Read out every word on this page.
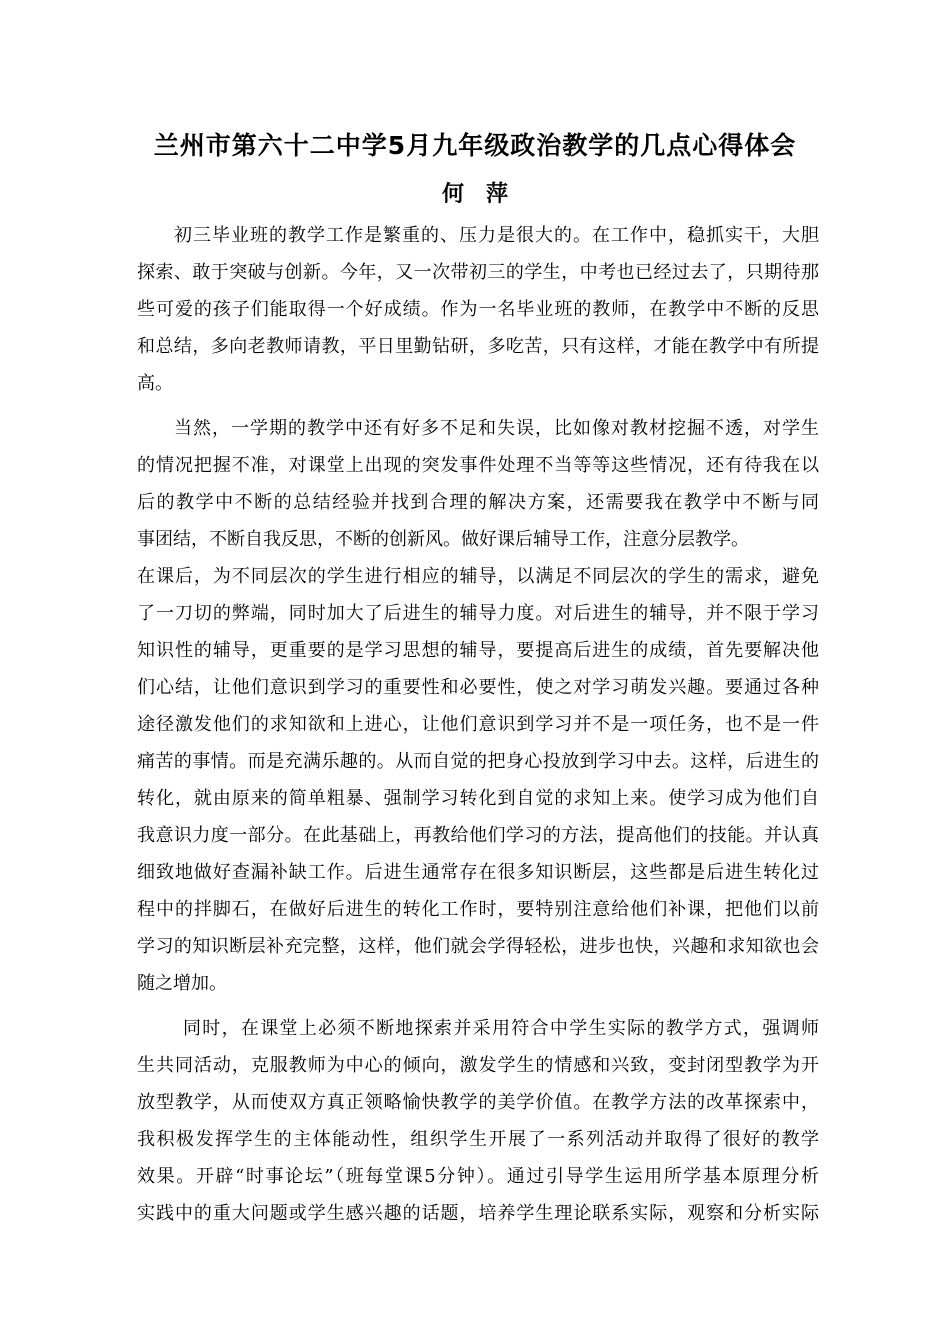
兰州市第六十二中学5月九年级政治教学的几点心得体会
何萍
初三毕业班的教学工作是繁重的、压力是很大的。在工作中，稳抓实干，大胆
探索、敢于突破与创新。今年，又一次带初三的学生，中考也已经过去了，只期待那
些可爱的孩子们能取得一个好成绩。作为一名毕业班的教师，在教学中不断的反思
和总结，多向老教师请教，平日里勤钻研，多吃苦，只有这样，才能在教学中有所提
高。
当然，一学期的教学中还有好多不足和失误，比如像对教材挖掘不透，对学生
的情况把握不准，对课堂上出现的突发事件处理不当等等这些情况，还有待我在以
后的教学中不断的总结经验并找到合理的解决方案，还需要我在教学中不断与同
事团结，不断自我反思，不断的创新风。做好课后辅导工作，注意分层教学。
在课后，为不同层次的学生进行相应的辅导，以满足不同层次的学生的需求，避免
了一刀切的弊端，同时加大了后进生的辅导力度。对后进生的辅导，并不限于学习
知识性的辅导，更重要的是学习思想的辅导，要提高后进生的成绩，首先要解决他
们心结，让他们意识到学习的重要性和必要性，使之对学习萌发兴趣。要通过各种
途径激发他们的求知欲和上进心，让他们意识到学习并不是一项任务，也不是一件
痛苦的事情。而是充满乐趣的。从而自觉的把身心投放到学习中去。这样，后进生的
转化，就由原来的简单粗暴、强制学习转化到自觉的求知上来。使学习成为他们自
我意识力度一部分。在此基础上，再教给他们学习的方法，提高他们的技能。并认真
细致地做好查漏补缺工作。后进生通常存在很多知识断层，这些都是后进生转化过
程中的拌脚石，在做好后进生的转化工作时，要特别注意给他们补课，把他们以前
学习的知识断层补充完整，这样，他们就会学得轻松，进步也快，兴趣和求知欲也会
随之增加。
同时，在课堂上必须不断地探索并采用符合中学生实际的教学方式，强调师
生共同活动，克服教师为中心的倾向，激发学生的情感和兴致，变封闭型教学为开
放型教学，从而使双方真正领略愉快教学的美学价值。在教学方法的改革探索中，
我积极发挥学生的主体能动性，组织学生开展了一系列活动并取得了很好的教学
效果。开辟“时事论坛”（班每堂课5分钟）。通过引导学生运用所学基本原理分析
实践中的重大问题或学生感兴趣的话题，培养学生理论联系实际，观察和分析实际
